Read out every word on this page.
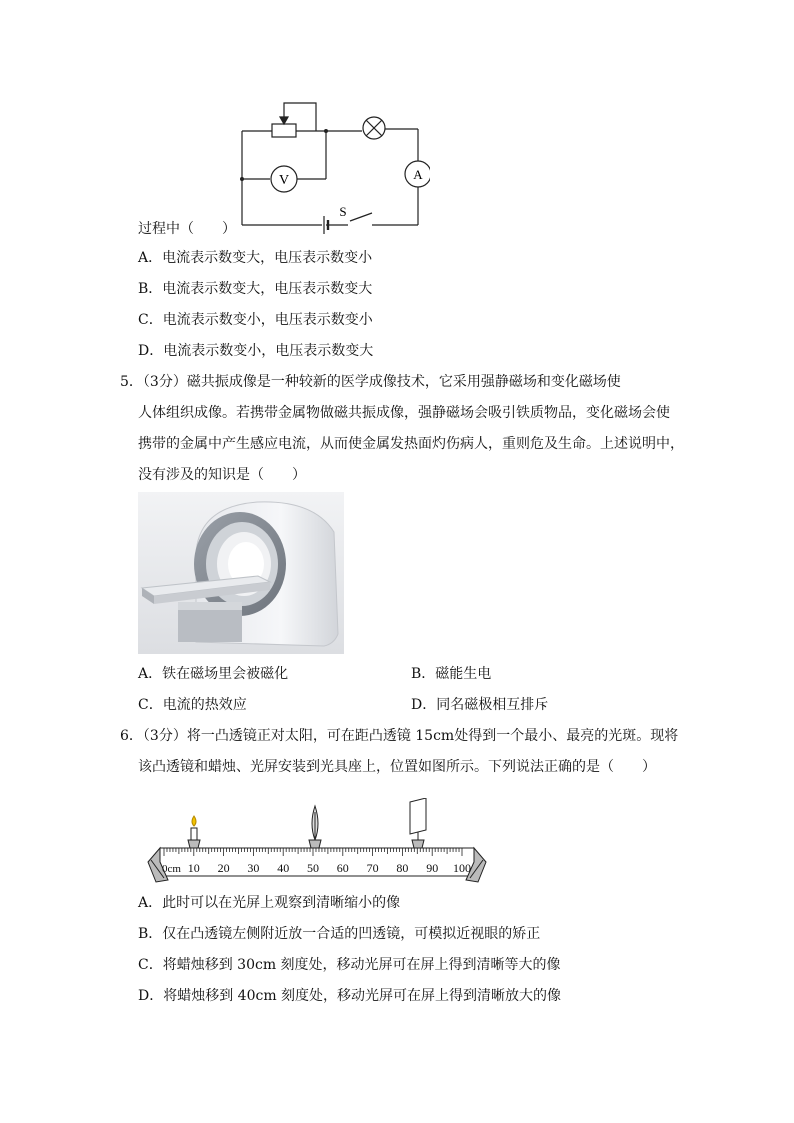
V	A
S
过程中（　　）
A．电流表示数变大，电压表示数变小
B．电流表示数变大，电压表示数变大
C．电流表示数变小，电压表示数变小
D．电流表示数变小，电压表示数变大
5．（3分）磁共振成像是一种较新的医学成像技术，它采用强静磁场和变化磁场使
人体组织成像。若携带金属物做磁共振成像，强静磁场会吸引铁质物品，变化磁场会使
携带的金属中产生感应电流，从而使金属发热面灼伤病人，重则危及生命。上述说明中，
没有涉及的知识是（　　）
A．铁在磁场里会被磁化	B．磁能生电
C．电流的热效应	D．同名磁极相互排斥
6．（3分）将一凸透镜正对太阳，可在距凸透镜 15cm处得到一个最小、最亮的光斑。现将
该凸透镜和蜡烛、光屏安装到光具座上，位置如图所示。下列说法正确的是（　　）
0cm 10 20 30 40 50 60 70 80 90 100
A．此时可以在光屏上观察到清晰缩小的像
B．仅在凸透镜左侧附近放一合适的凹透镜，可模拟近视眼的矫正
C．将蜡烛移到 30cm 刻度处，移动光屏可在屏上得到清晰等大的像
D．将蜡烛移到 40cm 刻度处，移动光屏可在屏上得到清晰放大的像
